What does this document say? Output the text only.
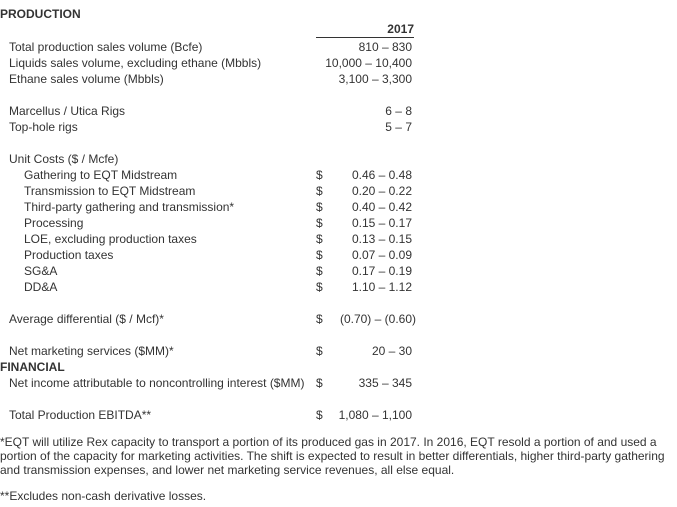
PRODUCTION
2017
Total production sales volume (Bcfe)	810 – 830
Liquids sales volume, excluding ethane (Mbbls)	10,000 – 10,400
Ethane sales volume (Mbbls)	3,100 – 3,300
Marcellus / Utica Rigs	6 – 8
Top-hole rigs	5 – 7
Unit Costs ($ / Mcfe)
Gathering to EQT Midstream	$	0.46 – 0.48
Transmission to EQT Midstream	$	0.20 – 0.22
Third-party gathering and transmission*	$	0.40 – 0.42
Processing	$	0.15 – 0.17
LOE, excluding production taxes	$	0.13 – 0.15
Production taxes	$	0.07 – 0.09
SG&A	$	0.17 – 0.19
DD&A	$	1.10 – 1.12
Average differential ($ / Mcf)*	$	(0.70) – (0.60)
Net marketing services ($MM)*	$	20 – 30
FINANCIAL
Net income attributable to noncontrolling interest ($MM) $	335 – 345
Total Production EBITDA**	$	1,080 – 1,100
*EQT will utilize Rex capacity to transport a portion of its produced gas in 2017. In 2016, EQT resold a portion of and used a portion of the capacity for marketing activities. The shift is expected to result in better differentials, higher third-party gathering and transmission expenses, and lower net marketing service revenues, all else equal.
**Excludes non-cash derivative losses.
